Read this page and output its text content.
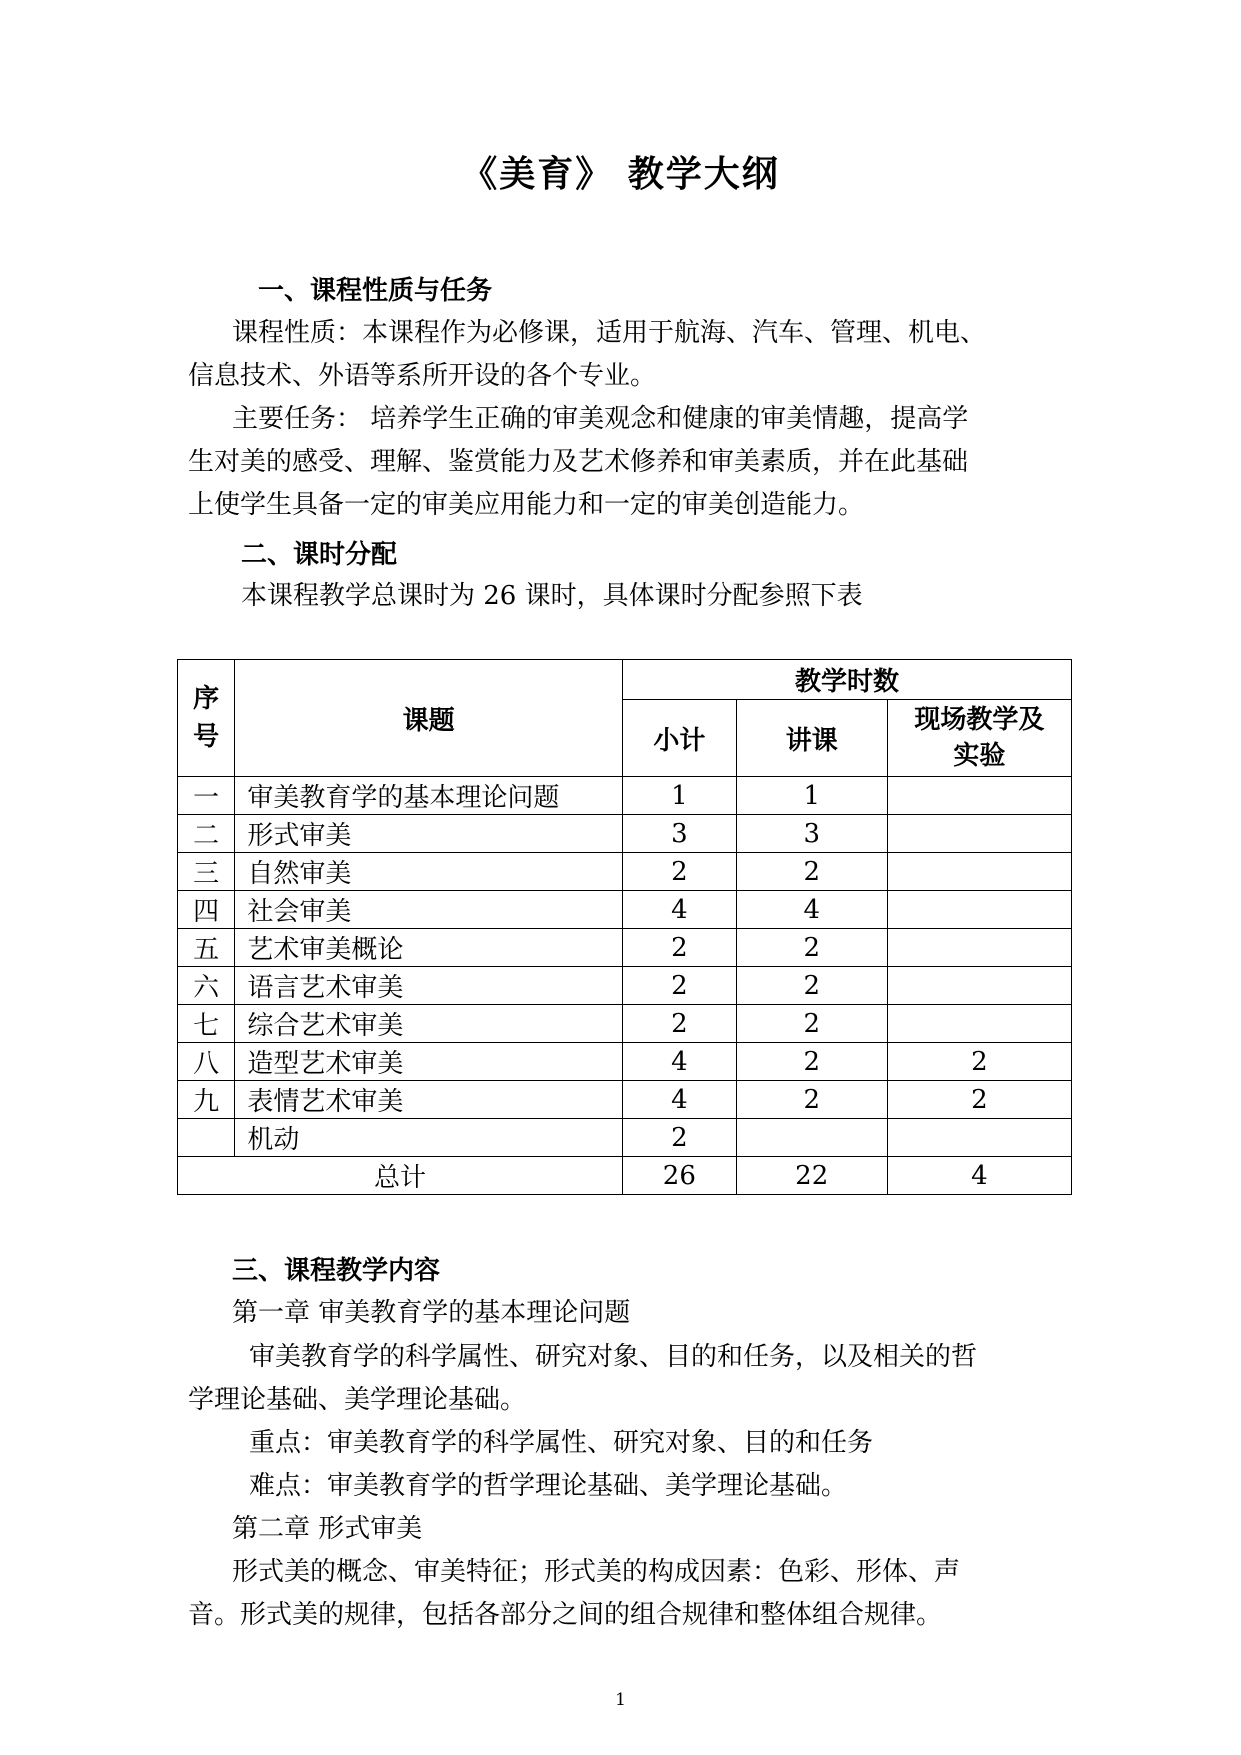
《美育》 教学大纲
一、课程性质与任务
课程性质：本课程作为必修课，适用于航海、汽车、管理、机电、
信息技术、外语等系所开设的各个专业。
主要任务： 培养学生正确的审美观念和健康的审美情趣，提高学
生对美的感受、理解、鉴赏能力及艺术修养和审美素质，并在此基础
上使学生具备一定的审美应用能力和一定的审美创造能力。
二、课时分配
本课程教学总课时为 26 课时，具体课时分配参照下表
序
号	课题	教学时数		
		小计	讲课	现场教学及
实验
一	审美教育学的基本理论问题	1	1	
二	形式审美	3	3	
三	自然审美	2	2	
四	社会审美	4	4	
五	艺术审美概论	2	2	
六	语言艺术审美	2	2	
七	综合艺术审美	2	2	
八	造型艺术审美	4	2	2
九	表情艺术审美	4	2	2
	机动	2		
总计		26	22	4
三、课程教学内容
第一章 审美教育学的基本理论问题
审美教育学的科学属性、研究对象、目的和任务，以及相关的哲
学理论基础、美学理论基础。
重点：审美教育学的科学属性、研究对象、目的和任务
难点：审美教育学的哲学理论基础、美学理论基础。
第二章 形式审美
形式美的概念、审美特征；形式美的构成因素：色彩、形体、声
音。形式美的规律，包括各部分之间的组合规律和整体组合规律。
1
